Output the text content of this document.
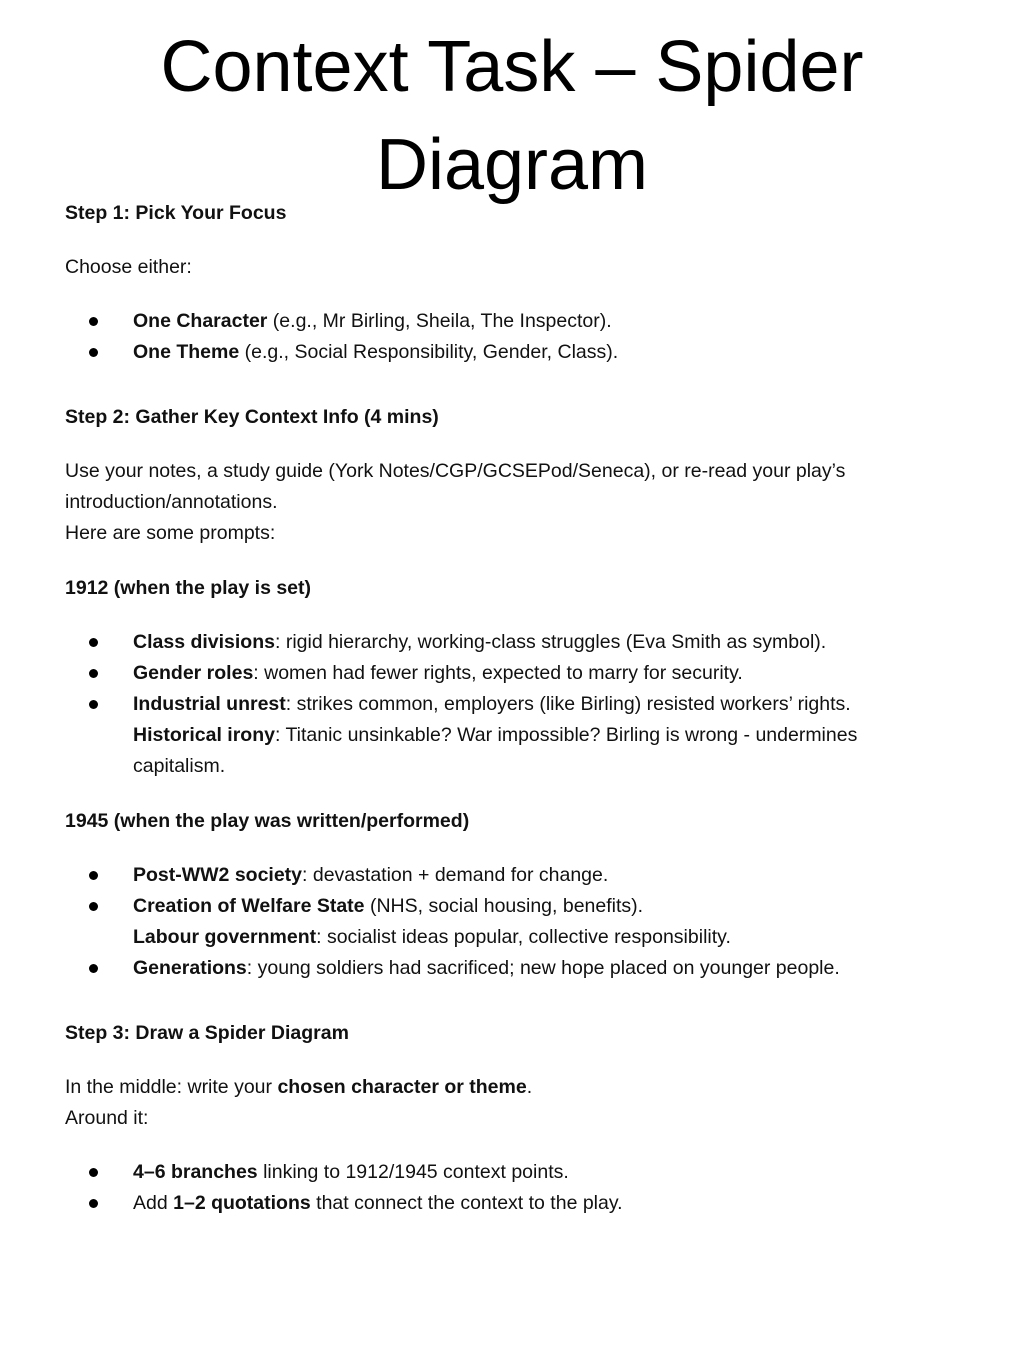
Context Task – Spider
Diagram

Step 1: Pick Your Focus

Choose either:

One Character (e.g., Mr Birling, Sheila, The Inspector).
One Theme (e.g., Social Responsibility, Gender, Class).

Step 2: Gather Key Context Info (4 mins)

Use your notes, a study guide (York Notes/CGP/GCSEPod/Seneca), or re-read your play’s
introduction/annotations.
Here are some prompts:

1912 (when the play is set)

Class divisions: rigid hierarchy, working-class struggles (Eva Smith as symbol).
Gender roles: women had fewer rights, expected to marry for security.
Industrial unrest: strikes common, employers (like Birling) resisted workers’ rights.
Historical irony: Titanic unsinkable? War impossible? Birling is wrong - undermines capitalism.

1945 (when the play was written/performed)

Post-WW2 society: devastation + demand for change.
Creation of Welfare State (NHS, social housing, benefits).
Labour government: socialist ideas popular, collective responsibility.
Generations: young soldiers had sacrificed; new hope placed on younger people.

Step 3: Draw a Spider Diagram

In the middle: write your chosen character or theme.
Around it:

4–6 branches linking to 1912/1945 context points.
Add 1–2 quotations that connect the context to the play.
